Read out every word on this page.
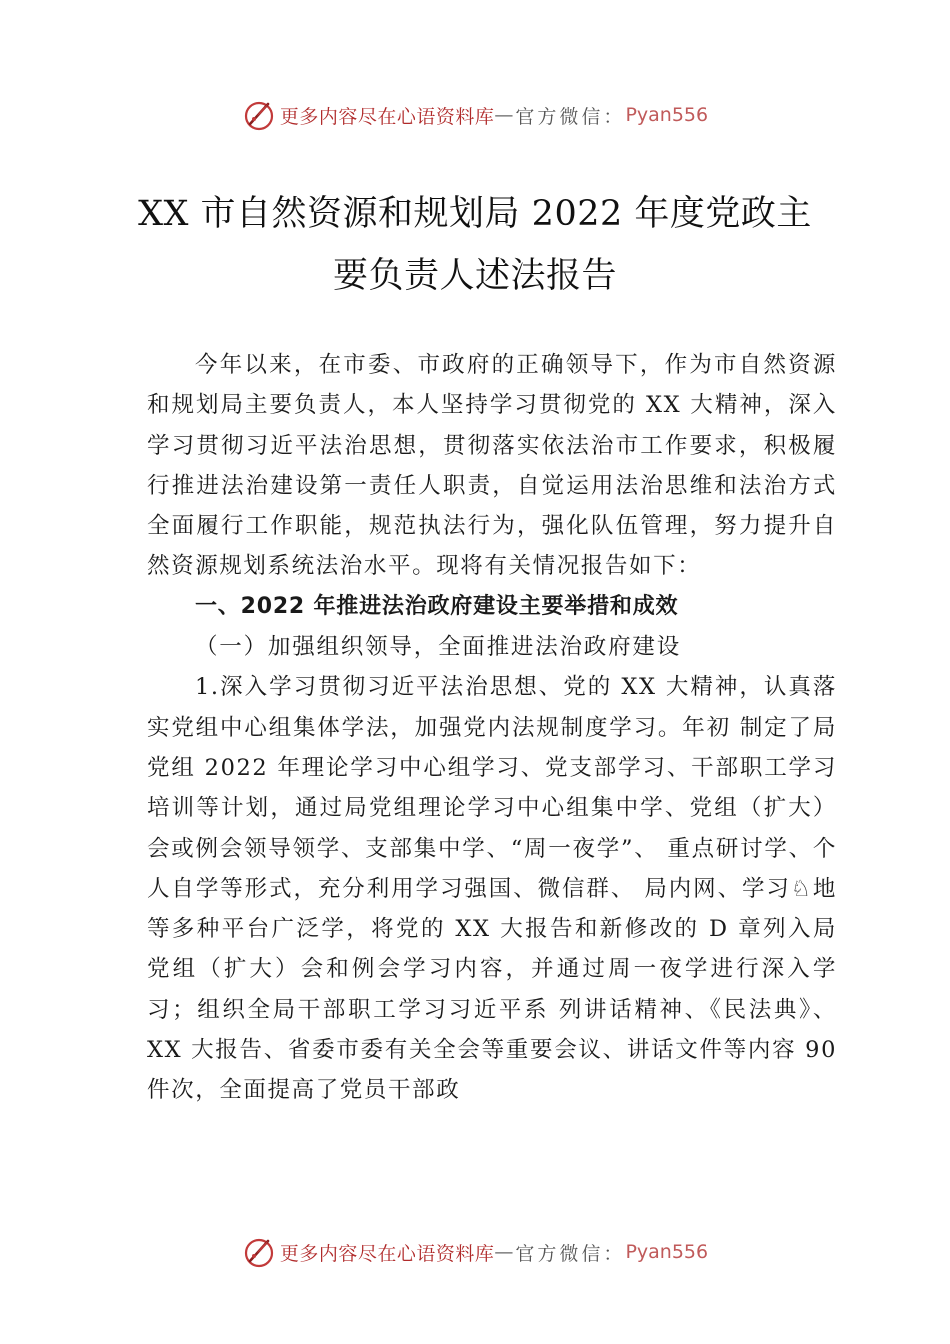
更多内容尽在心语资料库 — 官方微信： Pyan556
XX 市自然资源和规划局 2022 年度党政主
要负责人述法报告

今年以来，在市委、市政府的正确领导下，作为市自然资源和规划局主要负责人，本人坚持学习贯彻党的 XX 大精神，深入学习贯彻习近平法治思想，贯彻落实依法治市工作要求，积极履行推进法治建设第一责任人职责，自觉运用法治思维和法治方式全面履行工作职能，规范执法行为，强化队伍管理，努力提升自然资源规划系统法治水平。现将有关情况报告如下：

一、2022 年推进法治政府建设主要举措和成效

（一）加强组织领导，全面推进法治政府建设

1.深入学习贯彻习近平法治思想、党的 XX 大精神，认真落实党组中心组集体学法，加强党内法规制度学习。年初 制定了局党组 2022 年理论学习中心组学习、党支部学习、干部职工学习培训等计划，通过局党组理论学习中心组集中学、党组（扩大）会或例会领导领学、支部集中学、“周一夜学”、 重点研讨学、个人自学等形式，充分利用学习强国、微信群、 局内网、学习♘地等多种平台广泛学，将党的 XX 大报告和新修改的 D 章列入局党组（扩大）会和例会学习内容，并通过周一夜学进行深入学习；组织全局干部职工学习习近平系 列讲话精神、《民法典》、XX 大报告、省委市委有关全会等重要会议、讲话文件等内容 90 件次，全面提高了党员干部政

更多内容尽在心语资料库 — 官方微信： Pyan556
